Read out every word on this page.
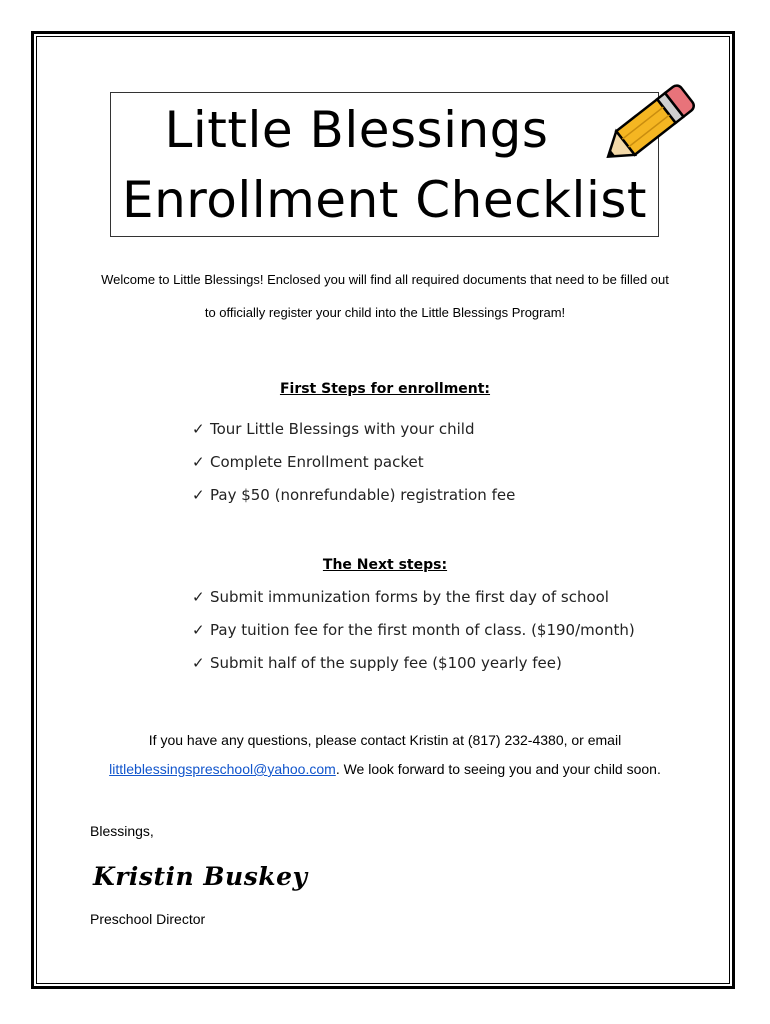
Little Blessings
Enrollment Checklist

Welcome to Little Blessings! Enclosed you will find all required documents that need to be filled out

to officially register your child into the Little Blessings Program!

First Steps for enrollment:
✓ Tour Little Blessings with your child
✓ Complete Enrollment packet
✓ Pay $50 (nonrefundable) registration fee
The Next steps:
✓ Submit immunization forms by the first day of school
✓ Pay tuition fee for the first month of class. ($190/month)
✓ Submit half of the supply fee ($100 yearly fee)

If you have any questions, please contact Kristin at (817) 232-4380, or email

littleblessingspreschool@yahoo.com. We look forward to seeing you and your child soon.

Blessings,

Kristin Buskey

Preschool Director
